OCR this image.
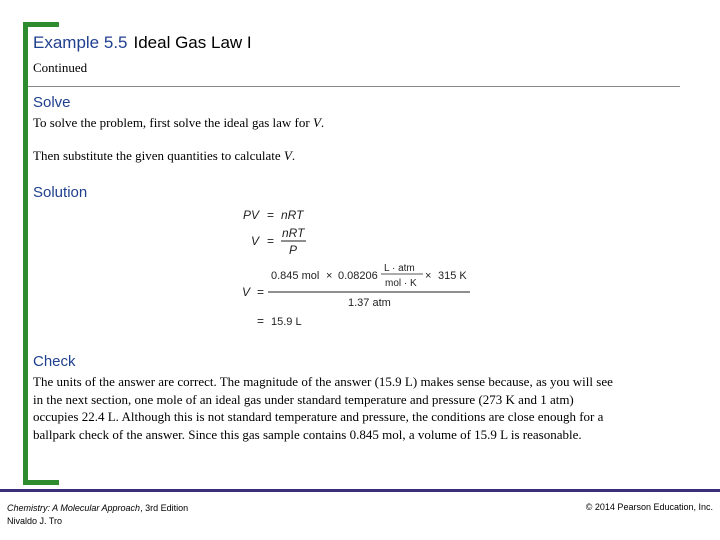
Example 5.5 Ideal Gas Law I
Continued
Solve
To solve the problem, first solve the ideal gas law for V.
Then substitute the given quantities to calculate V.
Solution
PV = nRT
V =
nRT
P
0.845 mol × 0.08206
L · atm
mol · K
× 315 K
V =
1.37 atm
= 15.9 L
Check
The units of the answer are correct. The magnitude of the answer (15.9 L) makes sense because, as you will see
in the next section, one mole of an ideal gas under standard temperature and pressure (273 K and 1 atm)
occupies 22.4 L. Although this is not standard temperature and pressure, the conditions are close enough for a
ballpark check of the answer. Since this gas sample contains 0.845 mol, a volume of 15.9 L is reasonable.
Chemistry: A Molecular Approach, 3rd Edition
Nivaldo J. Tro
© 2014 Pearson Education, Inc.
